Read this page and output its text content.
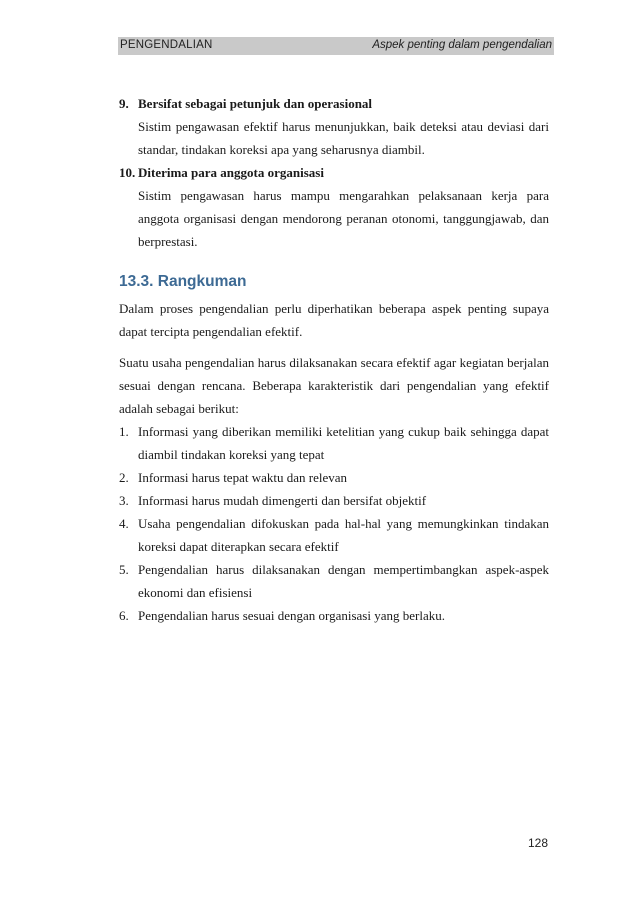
PENGENDALIAN	Aspek penting dalam pengendalian
9. Bersifat sebagai petunjuk dan operasional
Sistim pengawasan efektif harus menunjukkan, baik deteksi atau deviasi dari
standar, tindakan koreksi apa yang seharusnya diambil.
10. Diterima para anggota organisasi
Sistim pengawasan harus mampu mengarahkan pelaksanaan kerja para
anggota organisasi dengan mendorong peranan otonomi, tanggungjawab, dan
berprestasi.
13.3. Rangkuman
Dalam proses pengendalian perlu diperhatikan beberapa aspek penting supaya
dapat tercipta pengendalian efektif.
Suatu usaha pengendalian harus dilaksanakan secara efektif agar kegiatan berjalan
sesuai dengan rencana. Beberapa karakteristik dari pengendalian yang efektif
adalah sebagai berikut:
1. Informasi yang diberikan memiliki ketelitian yang cukup baik sehingga dapat
diambil tindakan koreksi yang tepat
2. Informasi harus tepat waktu dan relevan
3. Informasi harus mudah dimengerti dan bersifat objektif
4. Usaha pengendalian difokuskan pada hal-hal yang memungkinkan tindakan
koreksi dapat diterapkan secara efektif
5. Pengendalian harus dilaksanakan dengan mempertimbangkan aspek-aspek
ekonomi dan efisiensi
6. Pengendalian harus sesuai dengan organisasi yang berlaku.
128
